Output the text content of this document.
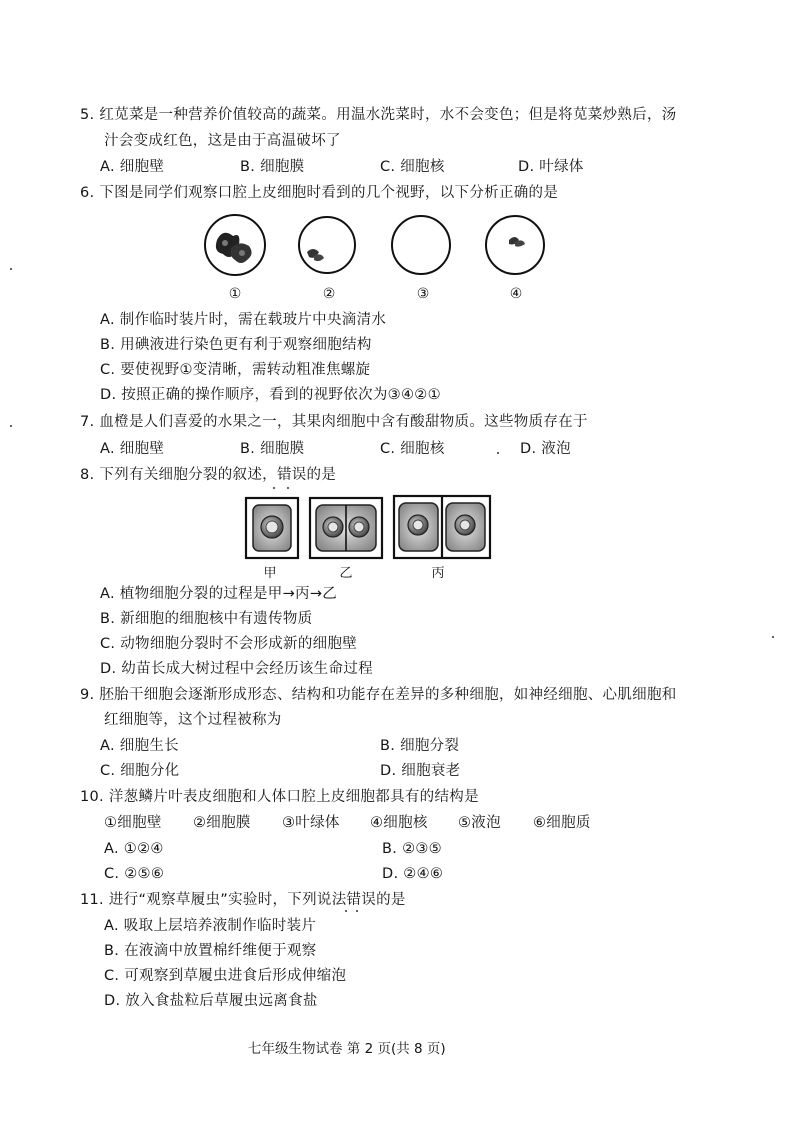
5. 红苋菜是一种营养价值较高的蔬菜。用温水洗菜时，水不会变色；但是将苋菜炒熟后，汤
汁会变成红色，这是由于高温破坏了
A. 细胞壁	B. 细胞膜	C. 细胞核	D. 叶绿体
6. 下图是同学们观察口腔上皮细胞时看到的几个视野，以下分析正确的是
①	②	③	④
A. 制作临时装片时，需在载玻片中央滴清水
B. 用碘液进行染色更有利于观察细胞结构
C. 要使视野①变清晰，需转动粗准焦螺旋
D. 按照正确的操作顺序，看到的视野依次为③④②①
7. 血橙是人们喜爱的水果之一，其果肉细胞中含有酸甜物质。这些物质存在于
A. 细胞壁	B. 细胞膜	C. 细胞核	D. 液泡
8. 下列有关细胞分裂的叙述，错误的是
甲	乙	丙
A. 植物细胞分裂的过程是甲→丙→乙
B. 新细胞的细胞核中有遗传物质
C. 动物细胞分裂时不会形成新的细胞壁
D. 幼苗长成大树过程中会经历该生命过程
9. 胚胎干细胞会逐渐形成形态、结构和功能存在差异的多种细胞，如神经细胞、心肌细胞和
红细胞等，这个过程被称为
A. 细胞生长	B. 细胞分裂
C. 细胞分化	D. 细胞衰老
10. 洋葱鳞片叶表皮细胞和人体口腔上皮细胞都具有的结构是
①细胞壁 ②细胞膜 ③叶绿体 ④细胞核 ⑤液泡 ⑥细胞质
A. ①②④	B. ②③⑤
C. ②⑤⑥	D. ②④⑥
11. 进行“观察草履虫”实验时，下列说法错误的是
A. 吸取上层培养液制作临时装片
B. 在液滴中放置棉纤维便于观察
C. 可观察到草履虫进食后形成伸缩泡
D. 放入食盐粒后草履虫远离食盐
七年级生物试卷 第 2 页(共 8 页)
